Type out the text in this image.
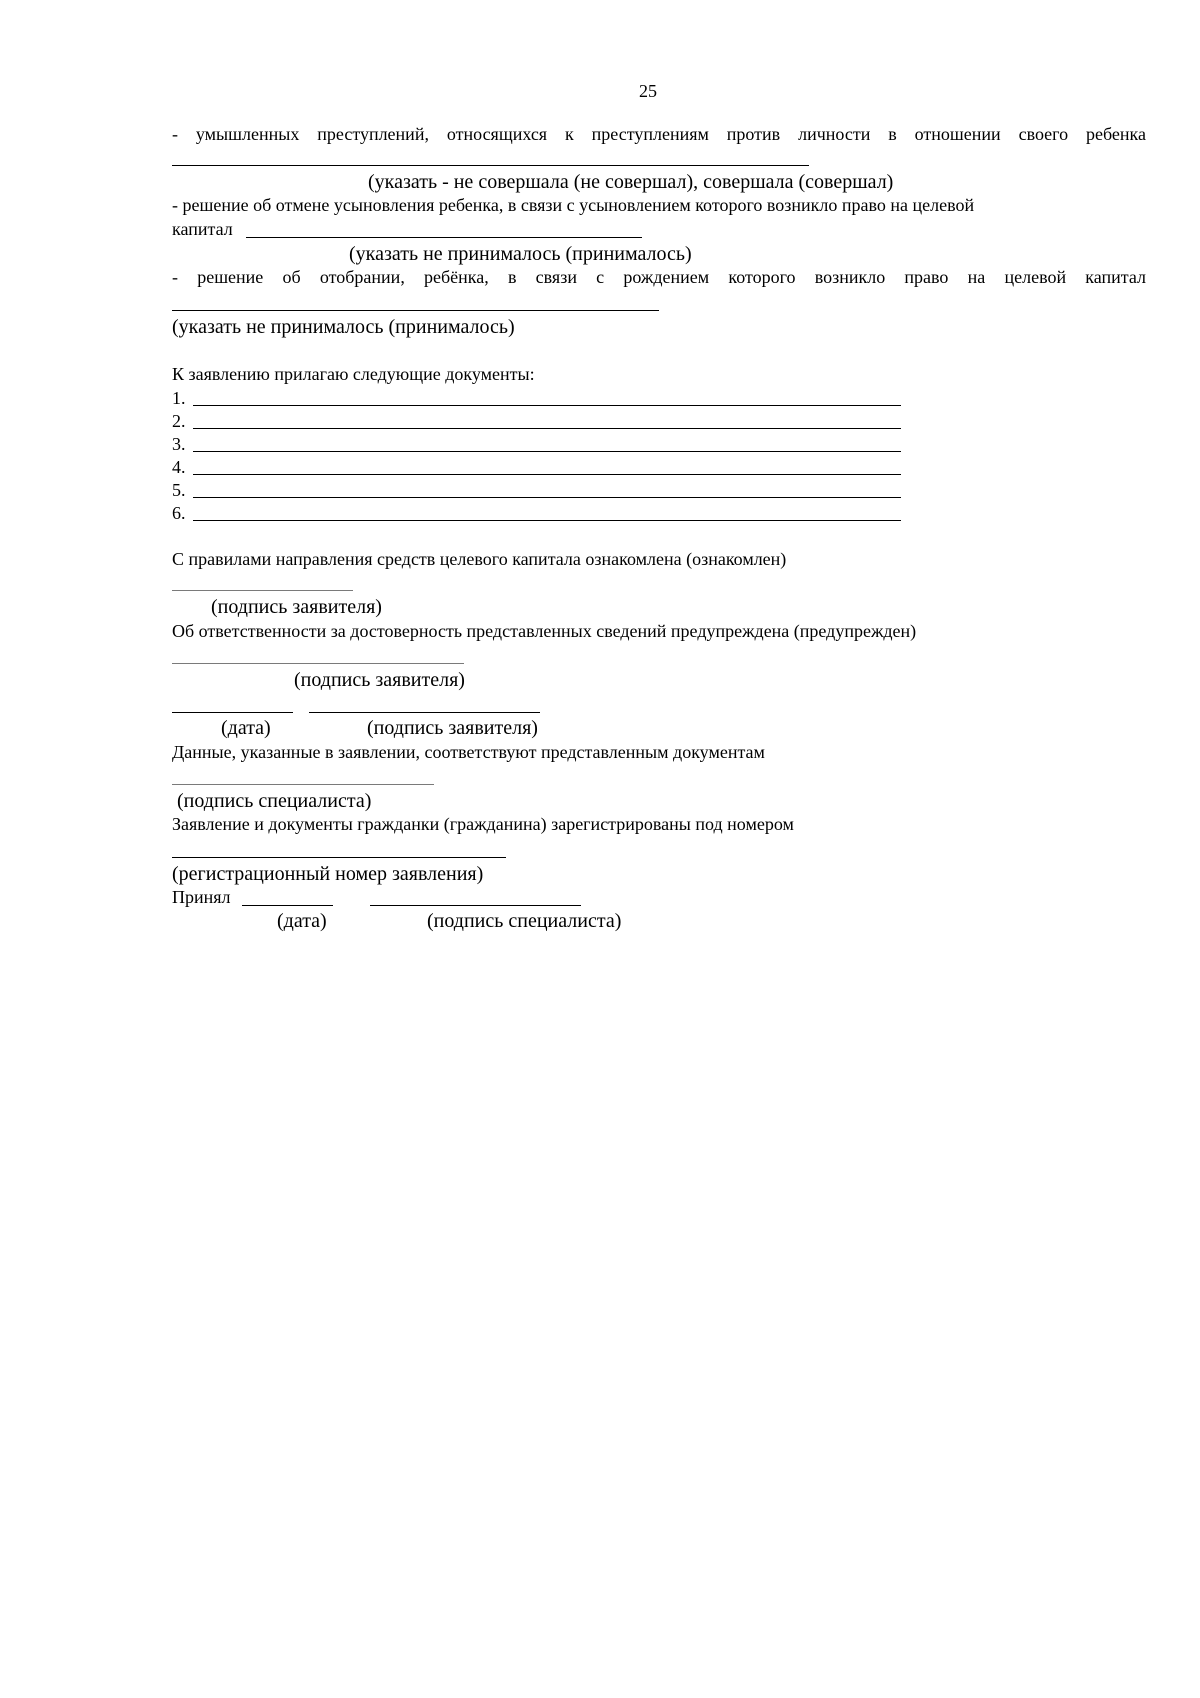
25
- умышленных преступлений, относящихся к преступлениям против личности в отношении своего ребенка
(указать - не совершала (не совершал), совершала (совершал)
- решение об отмене усыновления ребенка, в связи с усыновлением которого возникло право на целевой
капитал
(указать не принималось (принималось)
- решение об отобрании, ребёнка, в связи с рождением которого возникло право на целевой капитал
(указать не принималось (принималось)
К заявлению прилагаю следующие документы:
1.
2.
3.
4.
5.
6.
С правилами направления средств целевого капитала ознакомлена (ознакомлен)
(подпись заявителя)
Об ответственности за достоверность представленных сведений предупреждена (предупрежден)
(подпись заявителя)
(дата)	(подпись заявителя)
Данные, указанные в заявлении, соответствуют представленным документам
(подпись специалиста)
Заявление и документы гражданки (гражданина) зарегистрированы под номером
(регистрационный номер заявления)
Принял
(дата)	(подпись специалиста)
